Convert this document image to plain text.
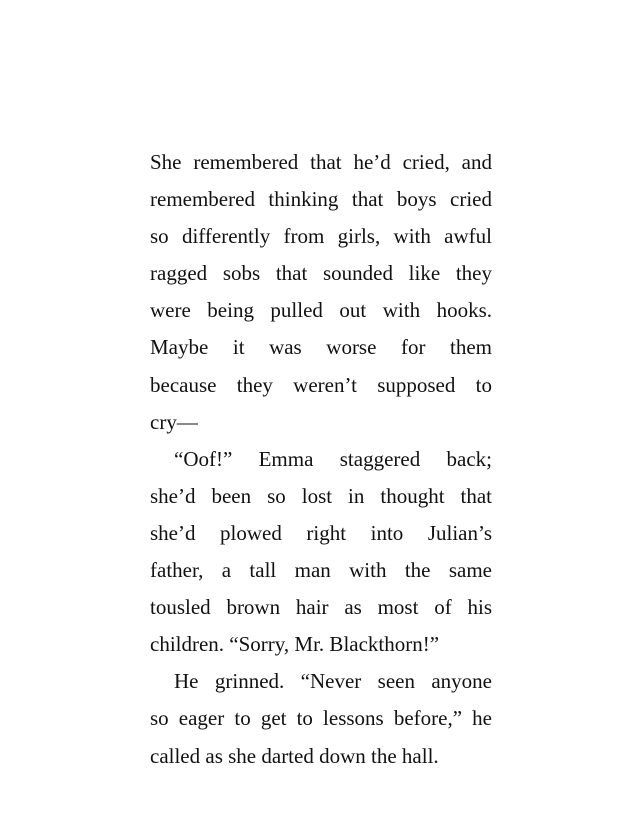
She remembered that he’d cried, and
remembered thinking that boys cried
so differently from girls, with awful
ragged sobs that sounded like they
were being pulled out with hooks.
Maybe it was worse for them
because they weren’t supposed to
cry—
“Oof!” Emma staggered back;
she’d been so lost in thought that
she’d plowed right into Julian’s
father, a tall man with the same
tousled brown hair as most of his
children. “Sorry, Mr. Blackthorn!”
He grinned. “Never seen anyone
so eager to get to lessons before,” he
called as she darted down the hall.
